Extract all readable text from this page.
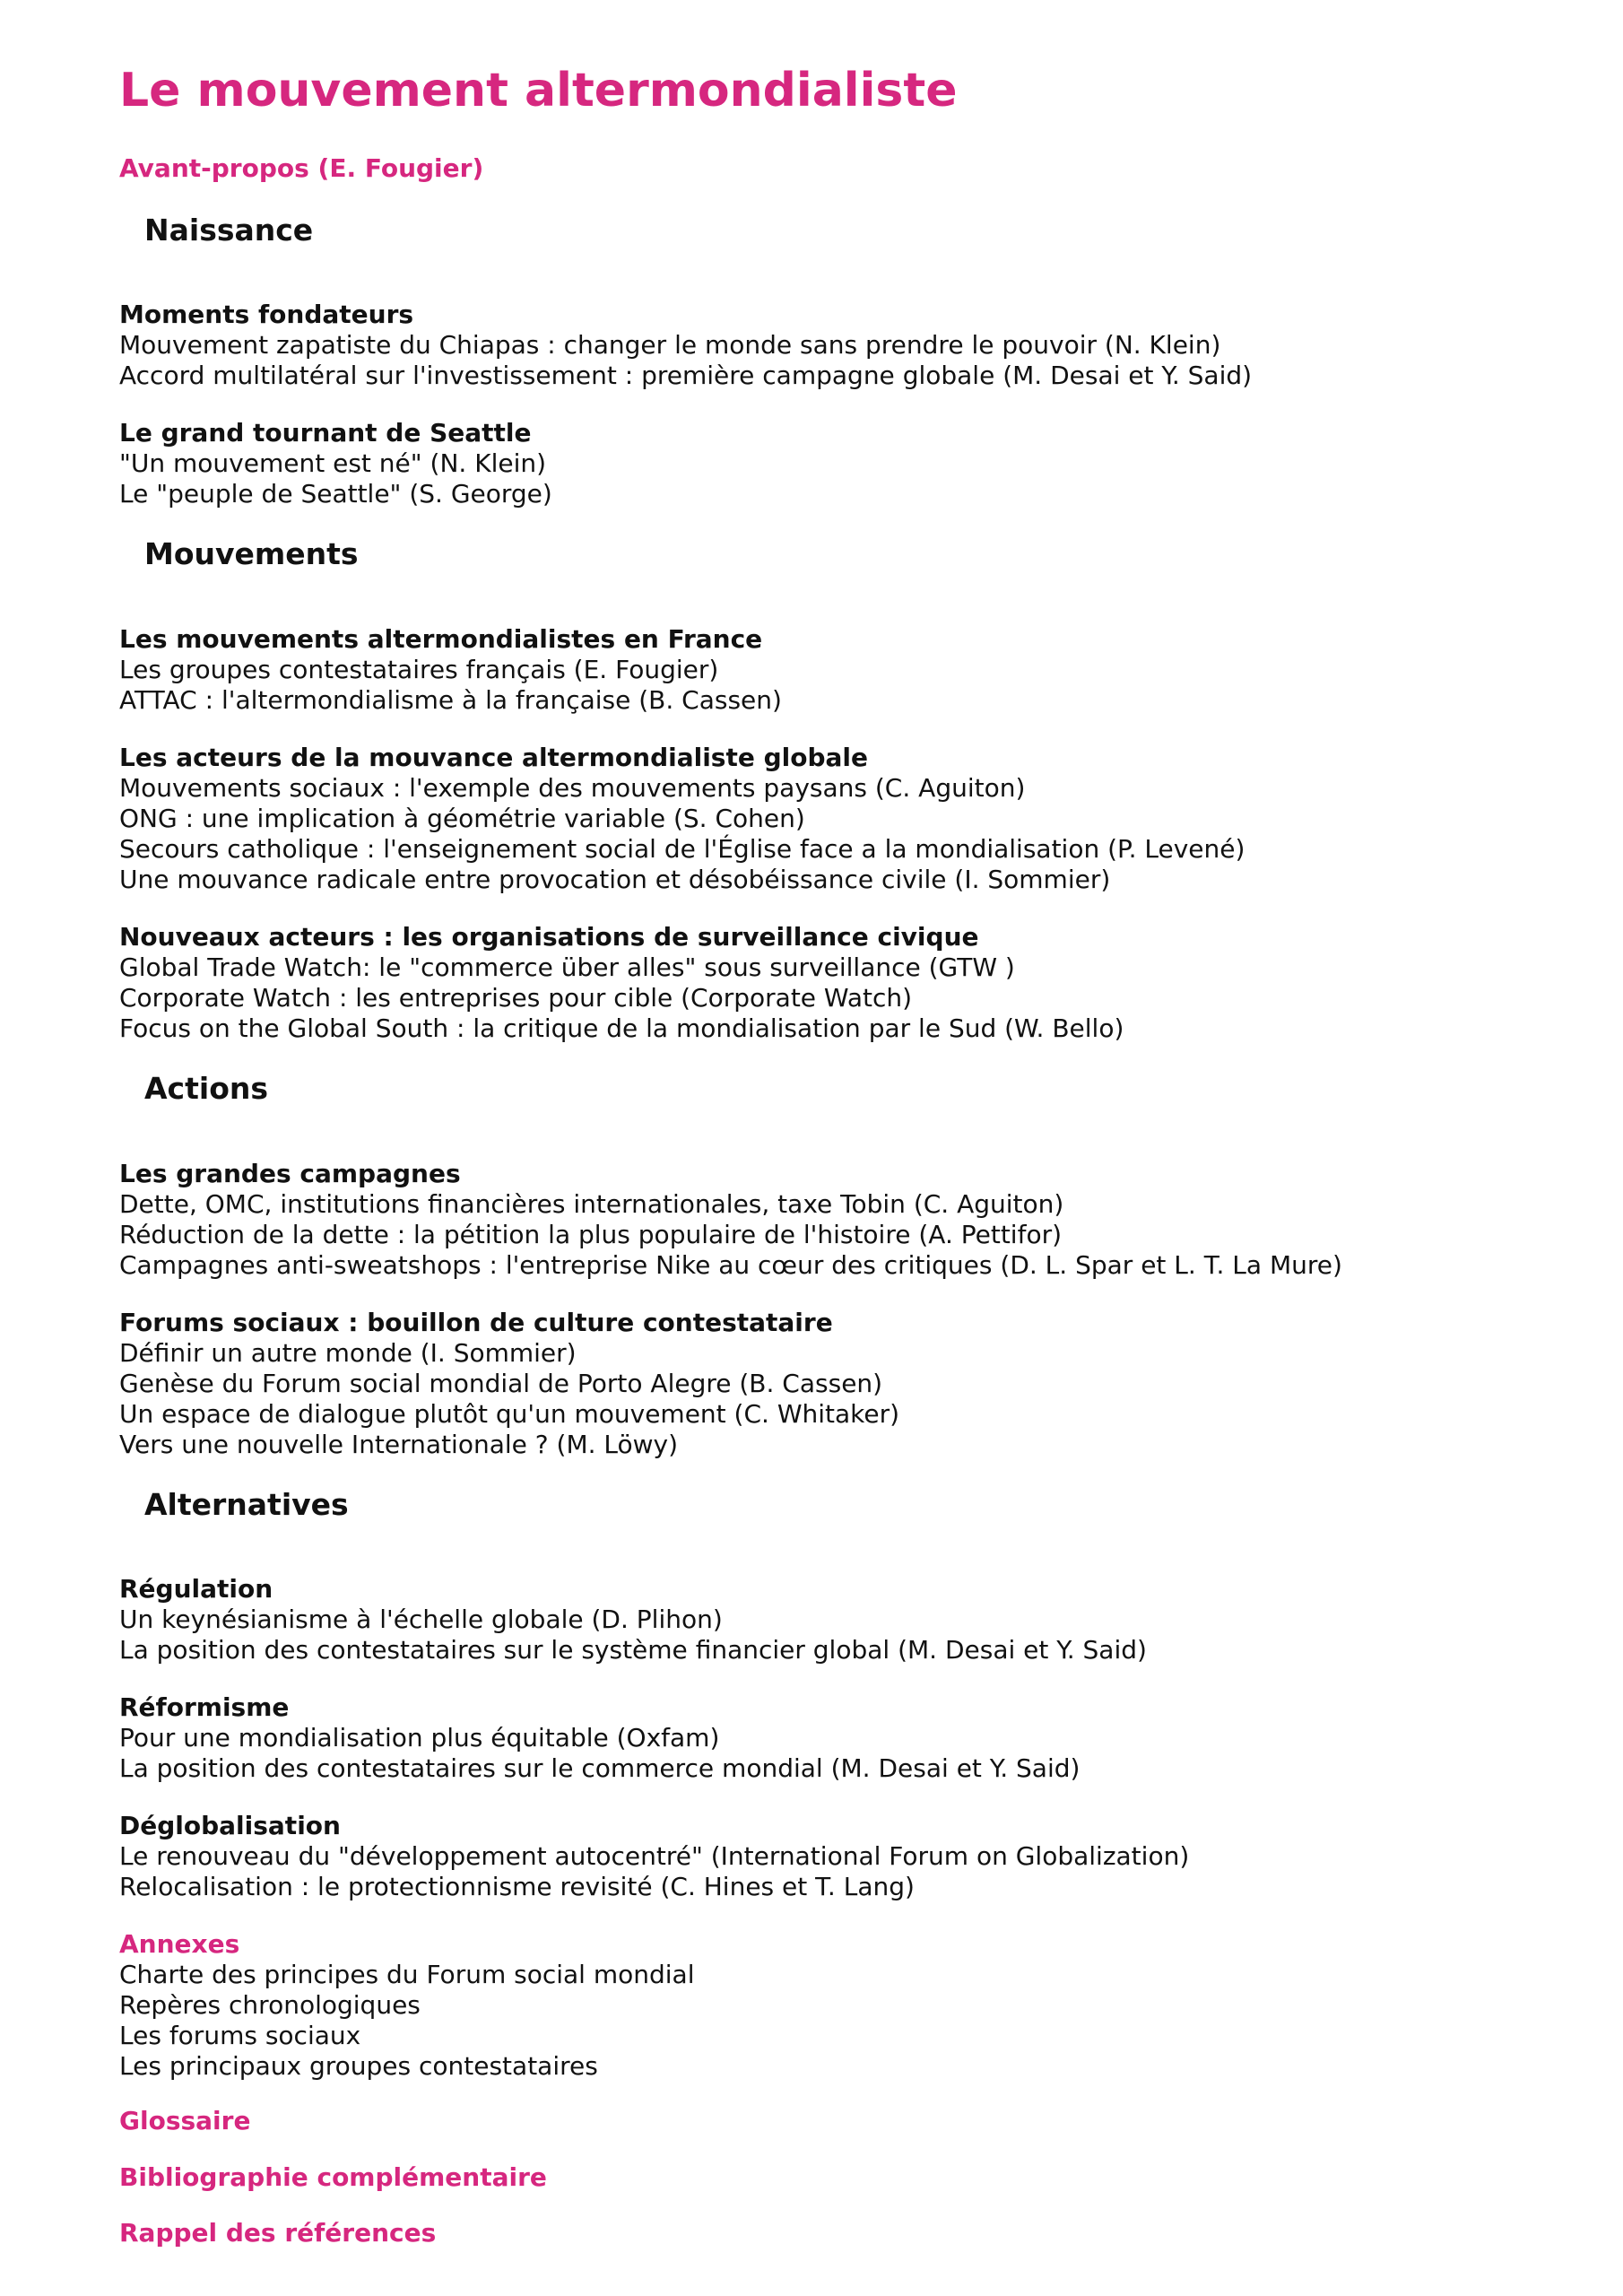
Le mouvement altermondialiste

Avant-propos (E. Fougier)

Naissance

Moments fondateurs

Mouvement zapatiste du Chiapas : changer le monde sans prendre le pouvoir (N. Klein)

Accord multilatéral sur l'investissement : première campagne globale (M. Desai et Y. Said)

Le grand tournant de Seattle

"Un mouvement est né" (N. Klein)

Le "peuple de Seattle" (S. George)

Mouvements

Les mouvements altermondialistes en France

Les groupes contestataires français (E. Fougier)

ATTAC : l'altermondialisme à la française (B. Cassen)

Les acteurs de la mouvance altermondialiste globale

Mouvements sociaux : l'exemple des mouvements paysans (C. Aguiton)

ONG : une implication à géométrie variable (S. Cohen)

Secours catholique : l'enseignement social de l'Église face a la mondialisation (P. Levené)

Une mouvance radicale entre provocation et désobéissance civile (I. Sommier)

Nouveaux acteurs : les organisations de surveillance civique

Global Trade Watch: le "commerce über alles" sous surveillance (GTW )

Corporate Watch : les entreprises pour cible (Corporate Watch)

Focus on the Global South : la critique de la mondialisation par le Sud (W. Bello)

Actions

Les grandes campagnes

Dette, OMC, institutions financières internationales, taxe Tobin (C. Aguiton)

Réduction de la dette : la pétition la plus populaire de l'histoire (A. Pettifor)

Campagnes anti-sweatshops : l'entreprise Nike au cœur des critiques (D. L. Spar et L. T. La Mure)

Forums sociaux : bouillon de culture contestataire

Définir un autre monde (I. Sommier)

Genèse du Forum social mondial de Porto Alegre (B. Cassen)

Un espace de dialogue plutôt qu'un mouvement (C. Whitaker)

Vers une nouvelle Internationale ? (M. Löwy)

Alternatives

Régulation

Un keynésianisme à l'échelle globale (D. Plihon)

La position des contestataires sur le système financier global (M. Desai et Y. Said)

Réformisme

Pour une mondialisation plus équitable (Oxfam)

La position des contestataires sur le commerce mondial (M. Desai et Y. Said)

Déglobalisation

Le renouveau du "développement autocentré" (International Forum on Globalization)

Relocalisation : le protectionnisme revisité (C. Hines et T. Lang)

Annexes

Charte des principes du Forum social mondial

Repères chronologiques

Les forums sociaux

Les principaux groupes contestataires

Glossaire

Bibliographie complémentaire

Rappel des références
